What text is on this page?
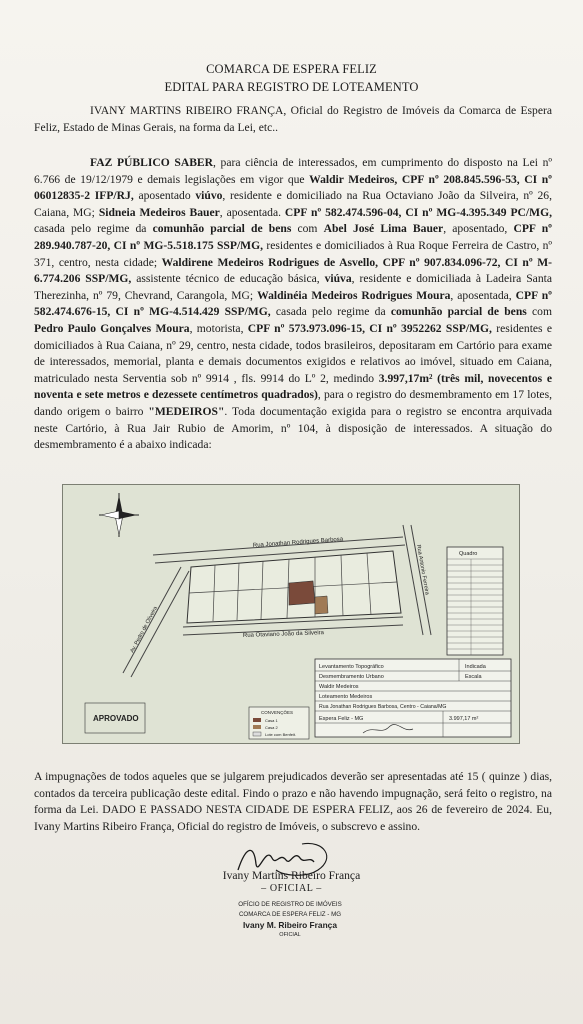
COMARCA DE ESPERA FELIZ
EDITAL PARA REGISTRO DE LOTEAMENTO
IVANY MARTINS RIBEIRO FRANÇA, Oficial do Registro de Imóveis da Comarca de Espera Feliz, Estado de Minas Gerais, na forma da Lei, etc..
FAZ PÚBLICO SABER, para ciência de interessados, em cumprimento do disposto na Lei nº 6.766 de 19/12/1979 e demais legislações em vigor que Waldir Medeiros, CPF nº 208.845.596-53, CI nº 06012835-2 IFP/RJ, aposentado viúvo, residente e domiciliado na Rua Octaviano João da Silveira, nº 26, Caiana, MG; Sidneia Medeiros Bauer, aposentada. CPF nº 582.474.596-04, CI nº MG-4.395.349 PC/MG, casada pelo regime da comunhão parcial de bens com Abel José Lima Bauer, aposentado, CPF nº 289.940.787-20, CI nº MG-5.518.175 SSP/MG, residentes e domiciliados à Rua Roque Ferreira de Castro, nº 371, centro, nesta cidade; Waldirene Medeiros Rodrigues de Asvello, CPF nº 907.834.096-72, CI nº M-6.774.206 SSP/MG, assistente técnico de educação básica, viúva, residente e domiciliada à Ladeira Santa Therezinha, nº 79, Chevrand, Carangola, MG; Waldinéia Medeiros Rodrigues Moura, aposentada, CPF nº 582.474.676-15, CI nº MG-4.514.429 SSP/MG, casada pelo regime da comunhão parcial de bens com Pedro Paulo Gonçalves Moura, motorista, CPF nº 573.973.096-15, CI nº 3952262 SSP/MG, residentes e domiciliados à Rua Caiana, nº 29, centro, nesta cidade, todos brasileiros, depositaram em Cartório para exame de interessados, memorial, planta e demais documentos exigidos e relativos ao imóvel, situado em Caiana, matriculado nesta Serventia sob nº 9914 , fls. 9914 do Lº 2, medindo 3.997,17m² (três mil, novecentos e noventa e sete metros e dezessete centímetros quadrados), para o registro do desmembramento em 17 lotes, dando origem o bairro "MEDEIROS". Toda documentação exigida para o registro se encontra arquivada neste Cartório, à Rua Jair Rubio de Amorim, nº 104, à disposição de interessados. A situação do desmembramento é a abaixo indicada:
Rua Jonathan Rodrigues Barbosa
Rua Otaviano João da Silveira
Av. Pedro de Oliveira
Rua Antonio Ferreira	Quadro
APROVADO
CONVENÇÕES
Casa 1
Casa 2
Lote com Benfeit.
Levantamento Topográfico	Indicada
Desmembramento Urbano	Escala
Waldir Medeiros
Loteamento Medeiros
Rua Jonathan Rodrigues Barbosa, Centro - Caiana/MG
Espera Feliz - MG	3.997,17 m²
A impugnações de todos aqueles que se julgarem prejudicados deverão ser apresentadas até 15 ( quinze ) dias, contados da terceira publicação deste edital. Findo o prazo e não havendo impugnação, será feito o registro, na forma da Lei. DADO E PASSADO NESTA CIDADE DE ESPERA FELIZ, aos 26 de fevereiro de 2024. Eu, Ivany Martins Ribeiro França, Oficial do registro de Imóveis, o subscrevo e assino.
Ivany Martins Ribeiro França
– OFICIAL –
OFÍCIO DE REGISTRO DE IMÓVEIS
COMARCA DE ESPERA FELIZ - MG
Ivany M. Ribeiro França
OFICIAL
